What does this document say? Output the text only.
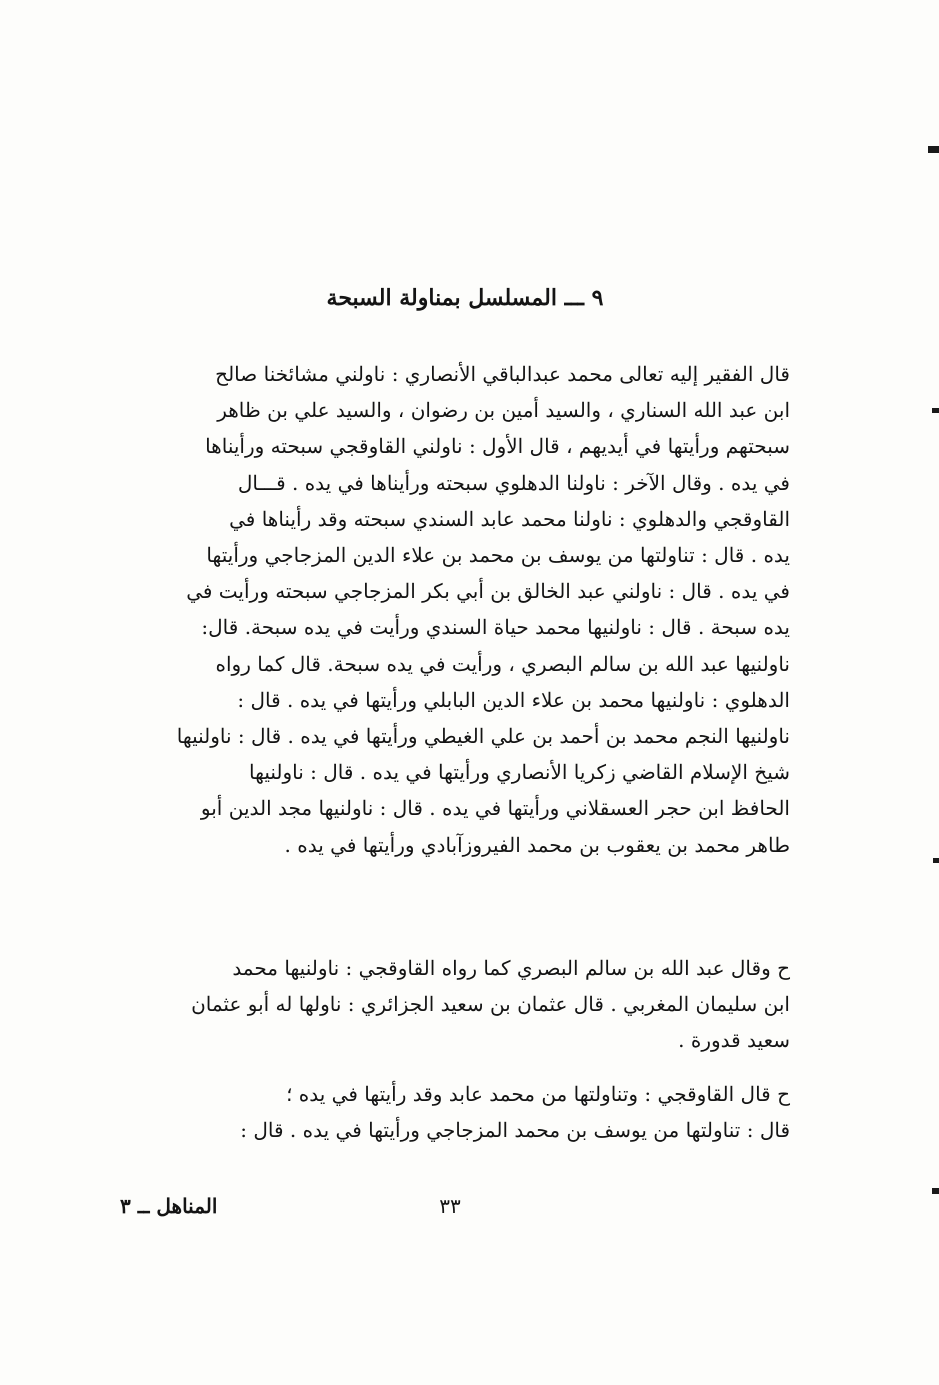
٩ ـــ المسلسل بمناولة السبحة
قال الفقير إليه تعالى محمد عبدالباقي الأنصاري : ناولني مشائخنا صالح
ابن عبد الله السناري ، والسيد أمين بن رضوان ، والسيد علي بن ظاهر
سبحتهم ورأيتها في أيديهم ، قال الأول : ناولني القاوقجي سبحته ورأيناها
في يده . وقال الآخر : ناولنا الدهلوي سبحته ورأيناها في يده . قـــال
القاوقجي والدهلوي : ناولنا محمد عابد السندي سبحته وقد رأيناها في
يده . قال : تناولتها من يوسف بن محمد بن علاء الدين المزجاجي ورأيتها
في يده . قال : ناولني عبد الخالق بن أبي بكر المزجاجي سبحته ورأيت في
يده سبحة . قال : ناولنيها محمد حياة السندي ورأيت في يده سبحة. قال:
ناولنيها عبد الله بن سالم البصري ، ورأيت في يده سبحة. قال كما رواه
الدهلوي : ناولنيها محمد بن علاء الدين البابلي ورأيتها في يده . قال :
ناولنيها النجم محمد بن أحمد بن علي الغيطي ورأيتها في يده . قال : ناولنيها
شيخ الإسلام القاضي زكريا الأنصاري ورأيتها في يده . قال : ناولنيها
الحافظ ابن حجر العسقلاني ورأيتها في يده . قال : ناولنيها مجد الدين أبو
طاهر محمد بن يعقوب بن محمد الفيروزآبادي ورأيتها في يده .
ح وقال عبد الله بن سالم البصري كما رواه القاوقجي : ناولنيها محمد
ابن سليمان المغربي . قال عثمان بن سعيد الجزائري : ناولها له أبو عثمان
سعيد قدورة .
ح قال القاوقجي : وتناولتها من محمد عابد وقد رأيتها في يده ؛
قال : تناولتها من يوسف بن محمد المزجاجي ورأيتها في يده . قال :
٣٣
المناهل ــ ٣
